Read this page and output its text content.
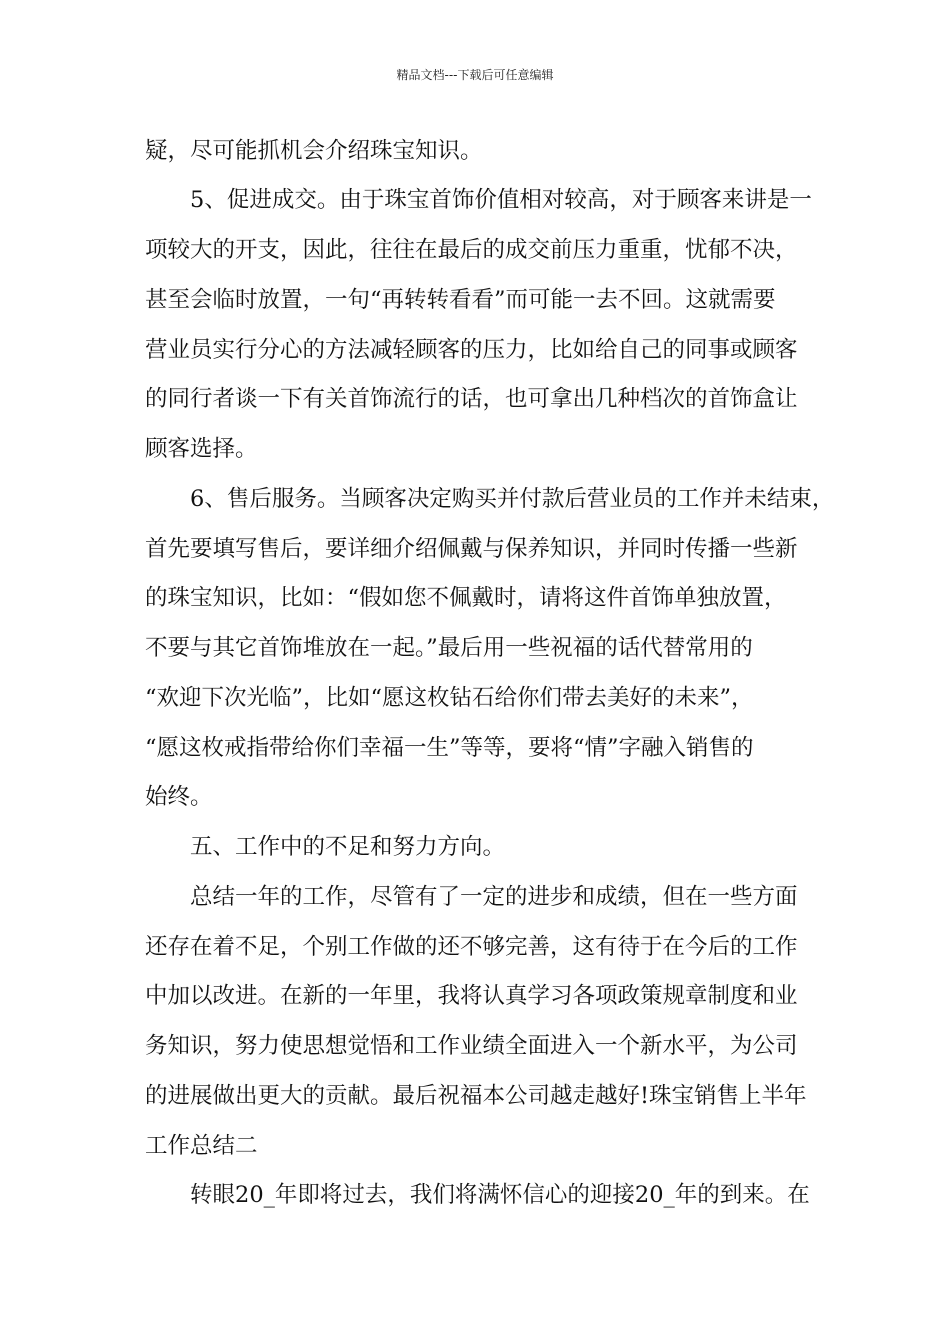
精品文档---下载后可任意编辑
疑，尽可能抓机会介绍珠宝知识。
　　5、促进成交。由于珠宝首饰价值相对较高，对于顾客来讲是一
项较大的开支，因此，往往在最后的成交前压力重重，忧郁不决，
甚至会临时放置，一句“再转转看看”而可能一去不回。这就需要
营业员实行分心的方法减轻顾客的压力，比如给自己的同事或顾客
的同行者谈一下有关首饰流行的话，也可拿出几种档次的首饰盒让
顾客选择。
　　6、售后服务。当顾客决定购买并付款后营业员的工作并未结束，
首先要填写售后，要详细介绍佩戴与保养知识，并同时传播一些新
的珠宝知识，比如：“假如您不佩戴时，请将这件首饰单独放置，
不要与其它首饰堆放在一起。”最后用一些祝福的话代替常用的
“欢迎下次光临”，比如“愿这枚钻石给你们带去美好的未来”，
“愿这枚戒指带给你们幸福一生”等等，要将“情”字融入销售的
始终。
　　五、工作中的不足和努力方向。
　　总结一年的工作，尽管有了一定的进步和成绩，但在一些方面
还存在着不足，个别工作做的还不够完善，这有待于在今后的工作
中加以改进。在新的一年里，我将认真学习各项政策规章制度和业
务知识，努力使思想觉悟和工作业绩全面进入一个新水平，为公司
的进展做出更大的贡献。最后祝福本公司越走越好!珠宝销售上半年
工作总结二
　　转眼20_年即将过去，我们将满怀信心的迎接20_年的到来。在
